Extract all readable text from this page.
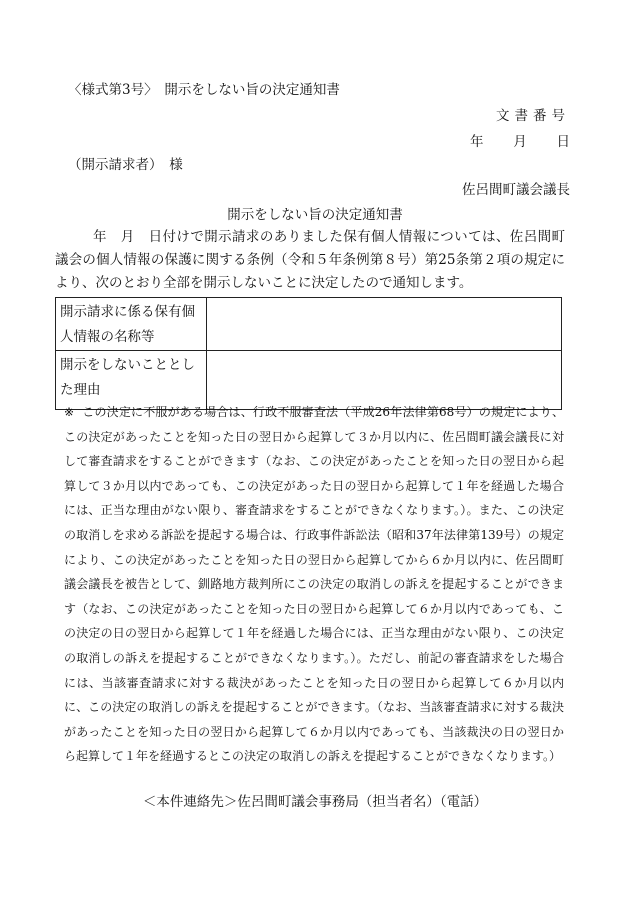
〈様式第3号〉　開示をしない旨の決定通知書
文書番号
年 月 日
（開示請求者）　様
佐呂間町議会議長
開示をしない旨の決定通知書

年　月　日付けで開示請求のありました保有個人情報については、佐呂間町議会の個人情報の保護に関する条例（令和５年条例第８号）第25条第２項の規定により、次のとおり全部を開示しないことに決定したので通知します。

開示請求に係る保有個人情報の名称等	
開示をしないこととした理由	

※ この決定に不服がある場合は、行政不服審査法（平成26年法律第68号）の規定により、この決定があったことを知った日の翌日から起算して３か月以内に、佐呂間町議会議長に対して審査請求をすることができます（なお、この決定があったことを知った日の翌日から起算して３か月以内であっても、この決定があった日の翌日から起算して１年を経過した場合には、正当な理由がない限り、審査請求をすることができなくなります。）。また、この決定の取消しを求める訴訟を提起する場合は、行政事件訴訟法（昭和37年法律第139号）の規定により、この決定があったことを知った日の翌日から起算してから６か月以内に、佐呂間町議会議長を被告として、釧路地方裁判所にこの決定の取消しの訴えを提起することができます（なお、この決定があったことを知った日の翌日から起算して６か月以内であっても、この決定の日の翌日から起算して１年を経過した場合には、正当な理由がない限り、この決定の取消しの訴えを提起することができなくなります。）。ただし、前記の審査請求をした場合には、当該審査請求に対する裁決があったことを知った日の翌日から起算して６か月以内に、この決定の取消しの訴えを提起することができます。（なお、当該審査請求に対する裁決があったことを知った日の翌日から起算して６か月以内であっても、当該裁決の日の翌日から起算して１年を経過するとこの決定の取消しの訴えを提起することができなくなります。）

＜本件連絡先＞佐呂間町議会事務局（担当者名）（電話）
